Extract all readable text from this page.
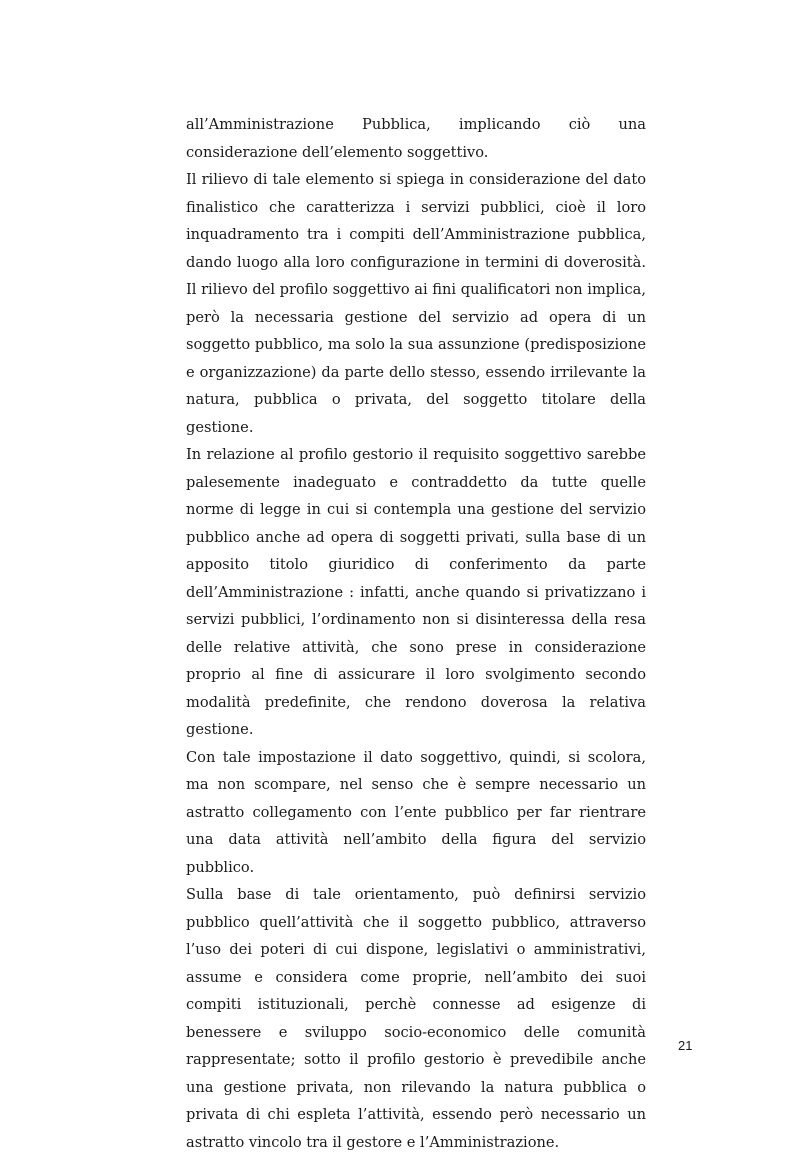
all’Amministrazione Pubblica, implicando ciò una considerazione dell’elemento soggettivo.

Il rilievo di tale elemento si spiega in considerazione del dato finalistico che caratterizza i servizi pubblici, cioè il loro inquadramento tra i compiti dell’Amministrazione pubblica, dando luogo alla loro configurazione in termini di doverosità. Il rilievo del profilo soggettivo ai fini qualificatori non implica, però la necessaria gestione del servizio ad opera di un soggetto pubblico, ma solo la sua assunzione (predisposizione e organizzazione) da parte dello stesso, essendo irrilevante la natura, pubblica o privata, del soggetto titolare della gestione.

In relazione al profilo gestorio il requisito soggettivo sarebbe palesemente inadeguato e contraddetto da tutte quelle norme di legge in cui si contempla una gestione del servizio pubblico anche ad opera di soggetti privati, sulla base di un apposito titolo giuridico di conferimento da parte dell’Amministrazione : infatti, anche quando si privatizzano i servizi pubblici, l’ordinamento non si disinteressa della resa delle relative attività, che sono prese in considerazione proprio al fine di assicurare il loro svolgimento secondo modalità predefinite, che rendono doverosa la relativa gestione.

Con tale impostazione il dato soggettivo, quindi, si scolora, ma non scompare, nel senso che è sempre necessario un astratto collegamento con l’ente pubblico per far rientrare una data attività nell’ambito della figura del servizio pubblico.

Sulla base di tale orientamento, può definirsi servizio pubblico quell’attività che il soggetto pubblico, attraverso l’uso dei poteri di cui dispone, legislativi o amministrativi, assume e considera come proprie, nell’ambito dei suoi compiti istituzionali, perchè connesse ad esigenze di benessere e sviluppo socio-economico delle comunità rappresentate; sotto il profilo gestorio è prevedibile anche una gestione privata, non rilevando la natura pubblica o privata di chi espleta l’attività, essendo però necessario un astratto vincolo tra il gestore e l’Amministrazione.

21
